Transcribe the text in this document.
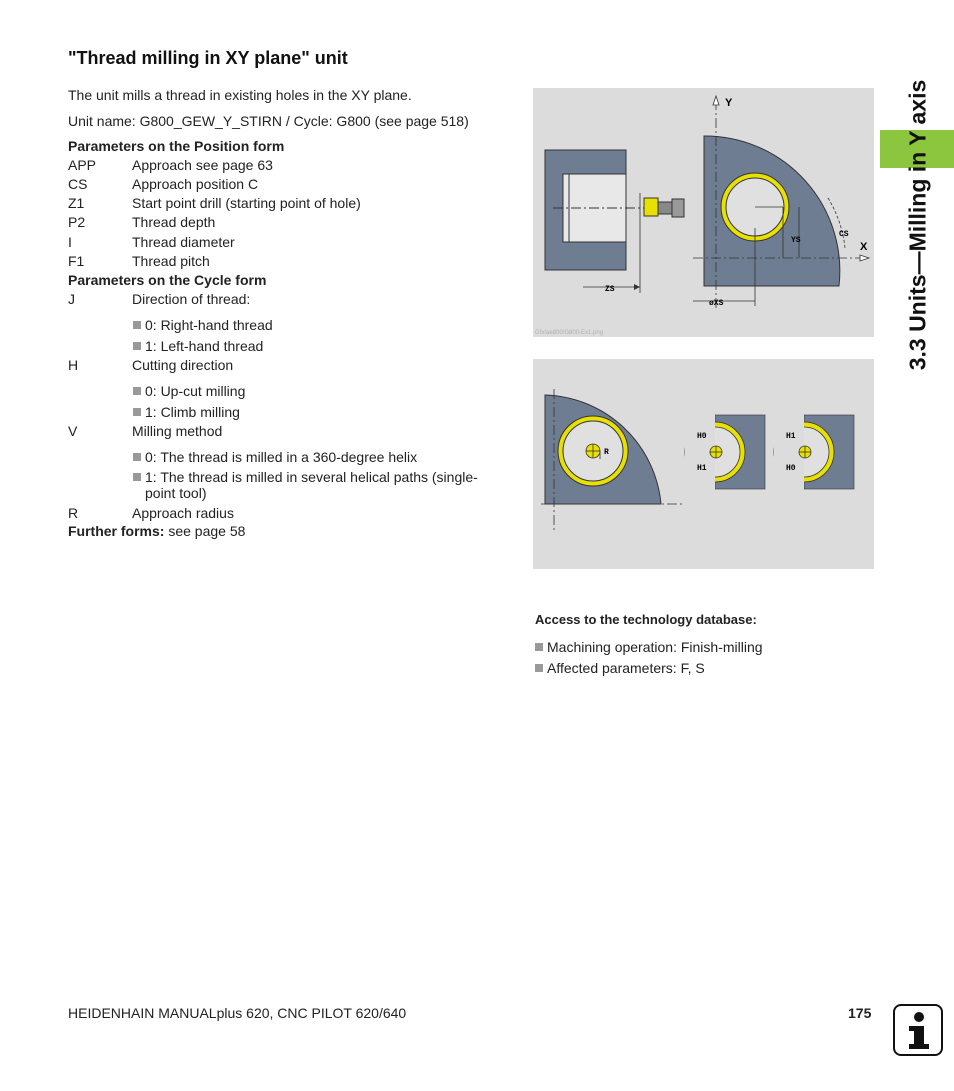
"Thread milling in XY plane" unit
The unit mills a thread in existing holes in the XY plane.
Unit name: G800_GEW_Y_STIRN / Cycle: G800 (see page 518)
Parameters on the Position form
APP	Approach see page 63
CS	Approach position C
Z1	Start point drill (starting point of hole)
P2	Thread depth
I	Thread diameter
F1	Thread pitch
Parameters on the Cycle form
J	Direction of thread:
0: Right-hand thread
1: Left-hand thread
H	Cutting direction
0: Up-cut milling
1: Climb milling
V	Milling method
0: The thread is milled in a 360-degree helix
1: The thread is milled in several helical paths (single-point tool)
R	Approach radius
Further forms: see page 58
ZS
Y
X
YS
CS
øXS
Gfx/ae800/G800-Ex1.png
R
H0
H1
H1
H0
Access to the technology database:
Machining operation: Finish-milling
Affected parameters: F, S
3.3 Units—Milling in Y axis
HEIDENHAIN MANUALplus 620, CNC PILOT 620/640	175
